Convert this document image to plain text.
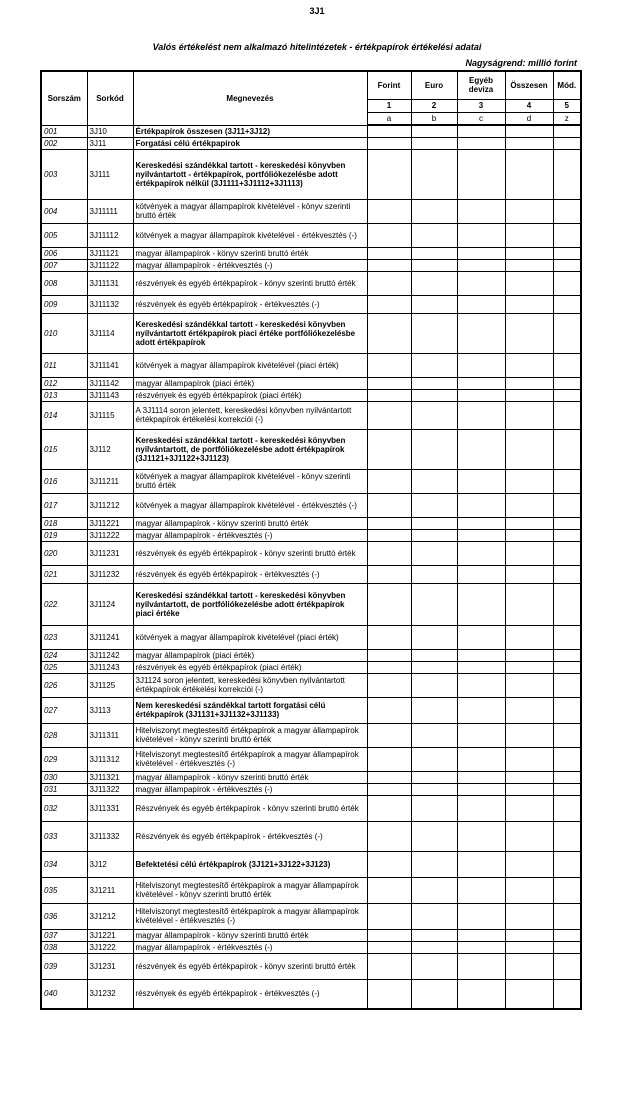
3J1
Valós értékelést nem alkalmazó hitelintézetek - értékpapírok értékelési adatai
Nagyságrend: millió forint
Sorszám	Sorkód	Megnevezés	Forint	Euro	Egyéb deviza	Összesen	Mód.
			1	2	3	4	5
			a	b	c	d	z
001	3J10	Értékpapírok összesen (3J11+3J12)					
002	3J11	Forgatási célú értékpapírok					
003	3J111	Kereskedési szándékkal tartott - kereskedési könyvben nyilvántartott - értékpapírok, portfóliókezelésbe adott értékpapírok nélkül (3J1111+3J1112+3J1113)					
004	3J11111	kötvények a magyar állampapírok kivételével - könyv szerinti bruttó érték					
005	3J11112	kötvények a magyar állampapírok kivételével - értékvesztés (-)					
006	3J11121	magyar állampapírok - könyv szerinti bruttó érték					
007	3J11122	magyar állampapírok - értékvesztés (-)					
008	3J11131	részvények és egyéb értékpapírok - könyv szerinti bruttó érték					
009	3J11132	részvények és egyéb értékpapírok - értékvesztés (-)					
010	3J1114	Kereskedési szándékkal tartott - kereskedési könyvben nyilvántartott értékpapírok piaci értéke portfóliókezelésbe adott értékpapírok					
011	3J11141	kötvények a magyar állampapírok kivételével (piaci érték)					
012	3J11142	magyar állampapírok (piaci érték)					
013	3J11143	részvények és egyéb értékpapírok (piaci érték)					
014	3J1115	A 3J1114 soron jelentett, kereskedési könyvben nyilvántartott értékpapírok értékelési korrekciói (-)					
015	3J112	Kereskedési szándékkal tartott - kereskedési könyvben nyilvántartott, de portfóliókezelésbe adott értékpapírok (3J1121+3J1122+3J1123)					
016	3J11211	kötvények a magyar állampapírok kivételével - könyv szerinti bruttó érték					
017	3J11212	kötvények a magyar állampapírok kivételével - értékvesztés (-)					
018	3J11221	magyar állampapírok - könyv szerinti bruttó érték					
019	3J11222	magyar állampapírok - értékvesztés (-)					
020	3J11231	részvények és egyéb értékpapírok - könyv szerinti bruttó érték					
021	3J11232	részvények és egyéb értékpapírok - értékvesztés (-)					
022	3J1124	Kereskedési szándékkal tartott - kereskedési könyvben nyilvántartott, de portfóliókezelésbe adott értékpapírok piaci értéke					
023	3J11241	kötvények a magyar állampapírok kivételével (piaci érték)					
024	3J11242	magyar állampapírok (piaci érték)					
025	3J11243	részvények és egyéb értékpapírok (piaci érték)					
026	3J1125	3J1124 soron jelentett, kereskedési könyvben nyilvántartott értékpapírok értékelési korrekciói (-)					
027	3J113	Nem kereskedési szándékkal tartott forgatási célú értékpapírok (3J1131+3J1132+3J1133)					
028	3J11311	Hitelviszonyt megtestesítő értékpapírok a magyar állampapírok kivételével - könyv szerinti bruttó érték					
029	3J11312	Hitelviszonyt megtestesítő értékpapírok a magyar állampapírok kivételével - értékvesztés (-)					
030	3J11321	magyar állampapírok - könyv szerinti bruttó érték					
031	3J11322	magyar állampapírok - értékvesztés (-)					
032	3J11331	Részvények és egyéb értékpapírok - könyv szerinti bruttó érték					
033	3J11332	Részvények és egyéb értékpapírok - értékvesztés (-)					
034	3J12	Befektetési célú értékpapírok (3J121+3J122+3J123)					
035	3J1211	Hitelviszonyt megtestesítő értékpapírok a magyar állampapírok kivételével - könyv szerinti bruttó érték					
036	3J1212	Hitelviszonyt megtestesítő értékpapírok a magyar állampapírok kivételével - értékvesztés (-)					
037	3J1221	magyar állampapírok - könyv szerinti bruttó érték					
038	3J1222	magyar állampapírok - értékvesztés (-)					
039	3J1231	részvények és egyéb értékpapírok - könyv szerinti bruttó érték					
040	3J1232	részvények és egyéb értékpapírok - értékvesztés (-)					
